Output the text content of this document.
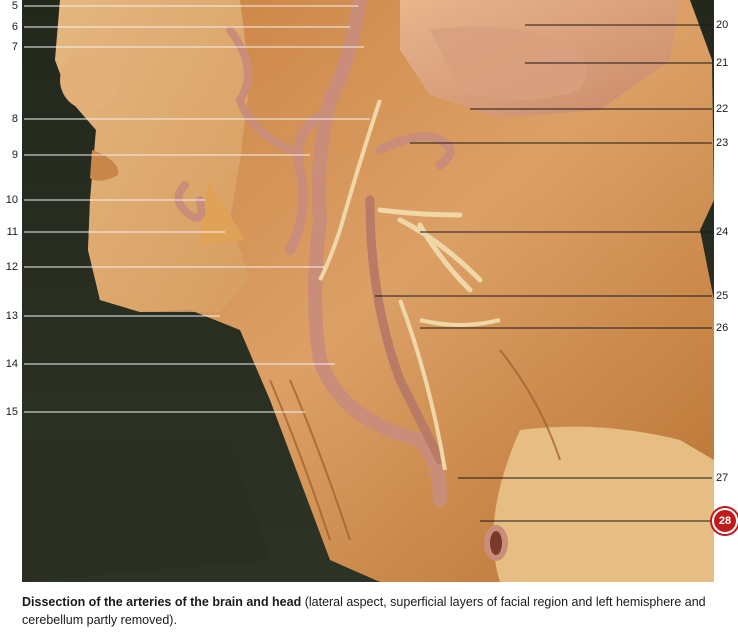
5
6
7
8
9
10
11
12
13
14
15
20
21
22
23
24
25
26
27
28
Dissection of the arteries of the brain and head (lateral aspect, superficial layers of facial region and left hemisphere and cerebellum partly removed).
